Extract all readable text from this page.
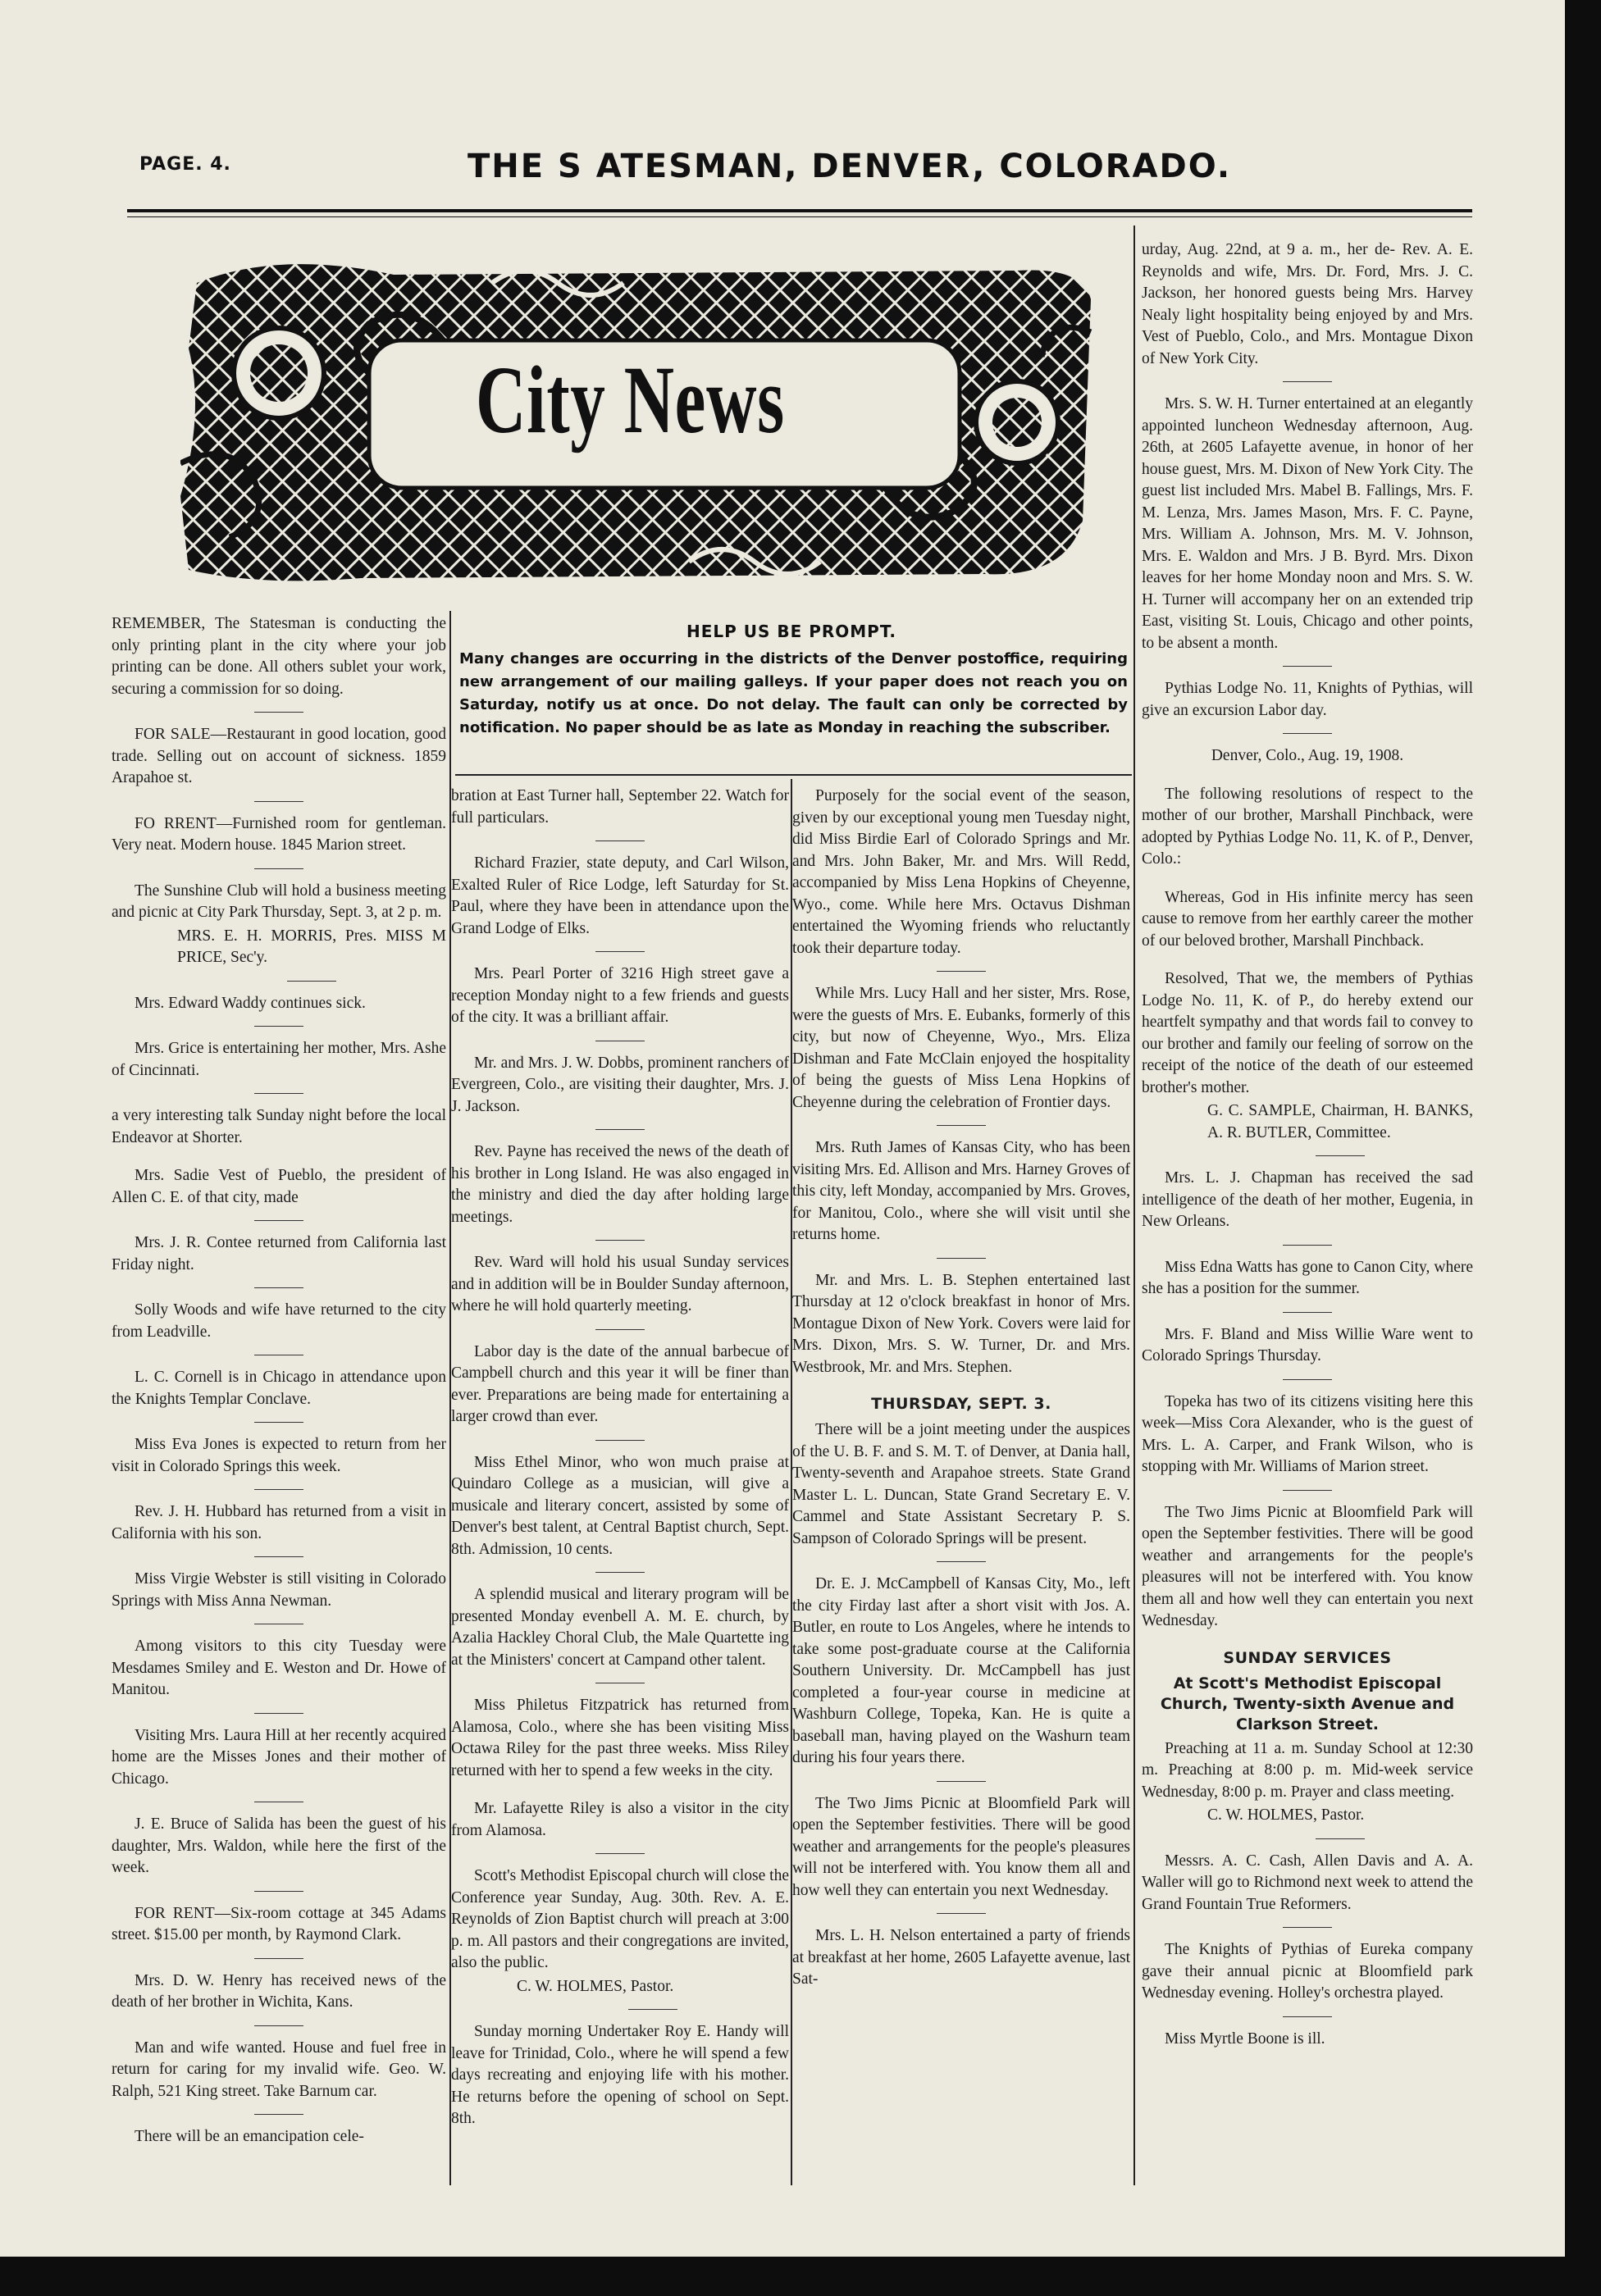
PAGE. 4.	THE S ATESMAN, DENVER, COLORADO.
City News
HELP US BE PROMPT.
Many changes are occurring in the districts of the Denver postoffice, requiring new arrangement of our mailing galleys. If your paper does not reach you on Saturday, notify us at once. Do not delay. The fault can only be corrected by notification. No paper should be as late as Monday in reaching the subscriber.

REMEMBER, The Statesman is conducting the only printing plant in the city where your job printing can be done. All others sublet your work, securing a commission for so doing.

FOR SALE—Restaurant in good location, good trade. Selling out on account of sickness. 1859 Arapahoe st.

FO RRENT—Furnished room for gentleman. Very neat. Modern house. 1845 Marion street.

The Sunshine Club will hold a business meeting and picnic at City Park Thursday, Sept. 3, at 2 p. m.

MRS. E. H. MORRIS, Pres. MISS M PRICE, Sec'y.

Mrs. Edward Waddy continues sick.

Mrs. Grice is entertaining her mother, Mrs. Ashe of Cincinnati.

a very interesting talk Sunday night before the local Endeavor at Shorter.

Mrs. Sadie Vest of Pueblo, the president of Allen C. E. of that city, made

Mrs. J. R. Contee returned from California last Friday night.

Solly Woods and wife have returned to the city from Leadville.

L. C. Cornell is in Chicago in attendance upon the Knights Templar Conclave.

Miss Eva Jones is expected to return from her visit in Colorado Springs this week.

Rev. J. H. Hubbard has returned from a visit in California with his son.

Miss Virgie Webster is still visiting in Colorado Springs with Miss Anna Newman.

Among visitors to this city Tuesday were Mesdames Smiley and E. Weston and Dr. Howe of Manitou.

Visiting Mrs. Laura Hill at her recently acquired home are the Misses Jones and their mother of Chicago.

J. E. Bruce of Salida has been the guest of his daughter, Mrs. Waldon, while here the first of the week.

FOR RENT—Six-room cottage at 345 Adams street. $15.00 per month, by Raymond Clark.

Mrs. D. W. Henry has received news of the death of her brother in Wichita, Kans.

Man and wife wanted. House and fuel free in return for caring for my invalid wife. Geo. W. Ralph, 521 King street. Take Barnum car.

There will be an emancipation cele-

bration at East Turner hall, September 22. Watch for full particulars.

Richard Frazier, state deputy, and Carl Wilson, Exalted Ruler of Rice Lodge, left Saturday for St. Paul, where they have been in attendance upon the Grand Lodge of Elks.

Mrs. Pearl Porter of 3216 High street gave a reception Monday night to a few friends and guests of the city. It was a brilliant affair.

Mr. and Mrs. J. W. Dobbs, prominent ranchers of Evergreen, Colo., are visiting their daughter, Mrs. J. J. Jackson.

Rev. Payne has received the news of the death of his brother in Long Island. He was also engaged in the ministry and died the day after holding large meetings.

Rev. Ward will hold his usual Sunday services and in addition will be in Boulder Sunday afternoon, where he will hold quarterly meeting.

Labor day is the date of the annual barbecue of Campbell church and this year it will be finer than ever. Preparations are being made for entertaining a larger crowd than ever.

Miss Ethel Minor, who won much praise at Quindaro College as a musician, will give a musicale and literary concert, assisted by some of Denver's best talent, at Central Baptist church, Sept. 8th. Admission, 10 cents.

A splendid musical and literary program will be presented Monday evenbell A. M. E. church, by Azalia Hackley Choral Club, the Male Quartette ing at the Ministers' concert at Campand other talent.

Miss Philetus Fitzpatrick has returned from Alamosa, Colo., where she has been visiting Miss Octawa Riley for the past three weeks. Miss Riley returned with her to spend a few weeks in the city.

Mr. Lafayette Riley is also a visitor in the city from Alamosa.

Scott's Methodist Episcopal church will close the Conference year Sunday, Aug. 30th. Rev. A. E. Reynolds of Zion Baptist church will preach at 3:00 p. m. All pastors and their congregations are invited, also the public.

C. W. HOLMES, Pastor.

Sunday morning Undertaker Roy E. Handy will leave for Trinidad, Colo., where he will spend a few days recreating and enjoying life with his mother. He returns before the opening of school on Sept. 8th.

Purposely for the social event of the season, given by our exceptional young men Tuesday night, did Miss Birdie Earl of Colorado Springs and Mr. and Mrs. John Baker, Mr. and Mrs. Will Redd, accompanied by Miss Lena Hopkins of Cheyenne, Wyo., come. While here Mrs. Octavus Dishman entertained the Wyoming friends who reluctantly took their departure today.

While Mrs. Lucy Hall and her sister, Mrs. Rose, were the guests of Mrs. E. Eubanks, formerly of this city, but now of Cheyenne, Wyo., Mrs. Eliza Dishman and Fate McClain enjoyed the hospitality of being the guests of Miss Lena Hopkins of Cheyenne during the celebration of Frontier days.

Mrs. Ruth James of Kansas City, who has been visiting Mrs. Ed. Allison and Mrs. Harney Groves of this city, left Monday, accompanied by Mrs. Groves, for Manitou, Colo., where she will visit until she returns home.

Mr. and Mrs. L. B. Stephen entertained last Thursday at 12 o'clock breakfast in honor of Mrs. Montague Dixon of New York. Covers were laid for Mrs. Dixon, Mrs. S. W. Turner, Dr. and Mrs. Westbrook, Mr. and Mrs. Stephen.

THURSDAY, SEPT. 3.

There will be a joint meeting under the auspices of the U. B. F. and S. M. T. of Denver, at Dania hall, Twenty-seventh and Arapahoe streets. State Grand Master L. L. Duncan, State Grand Secretary E. V. Cammel and State Assistant Secretary P. S. Sampson of Colorado Springs will be present.

Dr. E. J. McCampbell of Kansas City, Mo., left the city Firday last after a short visit with Jos. A. Butler, en route to Los Angeles, where he intends to take some post-graduate course at the California Southern University. Dr. McCampbell has just completed a four-year course in medicine at Washburn College, Topeka, Kan. He is quite a baseball man, having played on the Washurn team during his four years there.

The Two Jims Picnic at Bloomfield Park will open the September festivities. There will be good weather and arrangements for the people's pleasures will not be interfered with. You know them all and how well they can entertain you next Wednesday.

Mrs. L. H. Nelson entertained a party of friends at breakfast at her home, 2605 Lafayette avenue, last Sat-

urday, Aug. 22nd, at 9 a. m., her de- Rev. A. E. Reynolds and wife, Mrs. Dr. Ford, Mrs. J. C. Jackson, her honored guests being Mrs. Harvey Nealy light hospitality being enjoyed by and Mrs. Vest of Pueblo, Colo., and Mrs. Montague Dixon of New York City.

Mrs. S. W. H. Turner entertained at an elegantly appointed luncheon Wednesday afternoon, Aug. 26th, at 2605 Lafayette avenue, in honor of her house guest, Mrs. M. Dixon of New York City. The guest list included Mrs. Mabel B. Fallings, Mrs. F. M. Lenza, Mrs. James Mason, Mrs. F. C. Payne, Mrs. William A. Johnson, Mrs. M. V. Johnson, Mrs. E. Waldon and Mrs. J B. Byrd. Mrs. Dixon leaves for her home Monday noon and Mrs. S. W. H. Turner will accompany her on an extended trip East, visiting St. Louis, Chicago and other points, to be absent a month.

Pythias Lodge No. 11, Knights of Pythias, will give an excursion Labor day.

Denver, Colo., Aug. 19, 1908.

The following resolutions of respect to the mother of our brother, Marshall Pinchback, were adopted by Pythias Lodge No. 11, K. of P., Denver, Colo.:

Whereas, God in His infinite mercy has seen cause to remove from her earthly career the mother of our beloved brother, Marshall Pinchback.

Resolved, That we, the members of Pythias Lodge No. 11, K. of P., do hereby extend our heartfelt sympathy and that words fail to convey to our brother and family our feeling of sorrow on the receipt of the notice of the death of our esteemed brother's mother.

G. C. SAMPLE, Chairman, H. BANKS, A. R. BUTLER, Committee.

Mrs. L. J. Chapman has received the sad intelligence of the death of her mother, Eugenia, in New Orleans.

Miss Edna Watts has gone to Canon City, where she has a position for the summer.

Mrs. F. Bland and Miss Willie Ware went to Colorado Springs Thursday.

Topeka has two of its citizens visiting here this week—Miss Cora Alexander, who is the guest of Mrs. L. A. Carper, and Frank Wilson, who is stopping with Mr. Williams of Marion street.

The Two Jims Picnic at Bloomfield Park will open the September festivities. There will be good weather and arrangements for the people's pleasures will not be interfered with. You know them all and how well they can entertain you next Wednesday.

SUNDAY SERVICES
At Scott's Methodist Episcopal Church, Twenty-sixth Avenue and Clarkson Street.

Preaching at 11 a. m. Sunday School at 12:30 m. Preaching at 8:00 p. m. Mid-week service Wednesday, 8:00 p. m. Prayer and class meeting.

C. W. HOLMES, Pastor.

Messrs. A. C. Cash, Allen Davis and A. A. Waller will go to Richmond next week to attend the Grand Fountain True Reformers.

The Knights of Pythias of Eureka company gave their annual picnic at Bloomfield park Wednesday evening. Holley's orchestra played.

Miss Myrtle Boone is ill.
